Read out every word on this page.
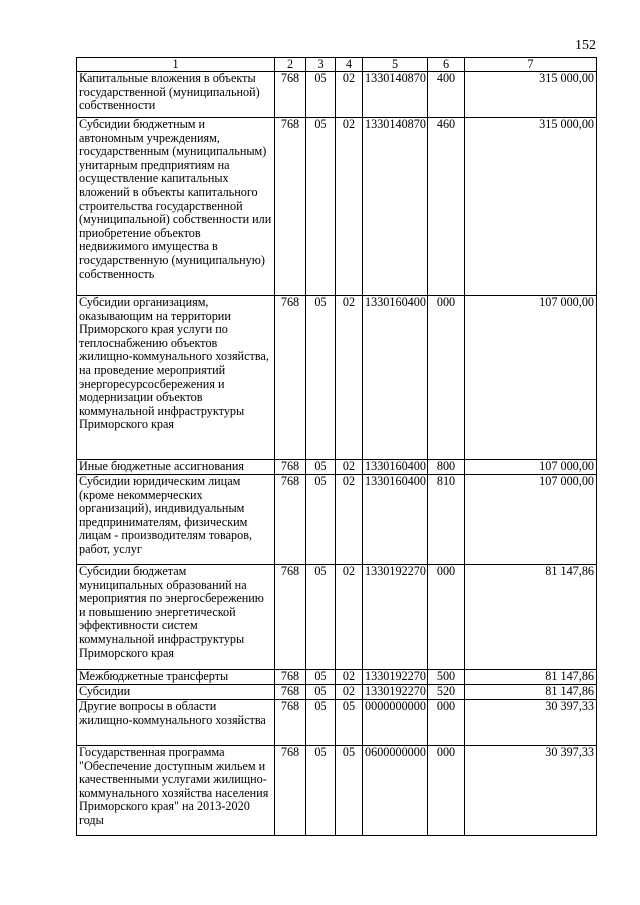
152
1	2	3	4	5	6	7
Капитальные вложения в объекты государственной (муниципальной) собственности	768	05	02	1330140870	400	315 000,00
Субсидии бюджетным и автономным учреждениям, государственным (муниципальным) унитарным предприятиям на осуществление капитальных вложений в объекты капитального строительства государственной (муниципальной) собственности или приобретение объектов недвижимого имущества в государственную (муниципальную) собственность	768	05	02	1330140870	460	315 000,00
Субсидии организациям, оказывающим на территории Приморского края услуги по теплоснабжению объектов жилищно-коммунального хозяйства, на проведение мероприятий энергоресурсосбережения и модернизации объектов коммунальной инфраструктуры Приморского края	768	05	02	1330160400	000	107 000,00
Иные бюджетные ассигнования	768	05	02	1330160400	800	107 000,00
Субсидии юридическим лицам (кроме некоммерческих организаций), индивидуальным предпринимателям, физическим лицам - производителям товаров, работ, услуг	768	05	02	1330160400	810	107 000,00
Субсидии бюджетам муниципальных образований на мероприятия по энергосбережению и повышению энергетической эффективности систем коммунальной инфраструктуры Приморского края	768	05	02	1330192270	000	81 147,86
Межбюджетные трансферты	768	05	02	1330192270	500	81 147,86
Субсидии	768	05	02	1330192270	520	81 147,86
Другие вопросы в области жилищно-коммунального хозяйства	768	05	05	0000000000	000	30 397,33
Государственная программа "Обеспечение доступным жильем и качественными услугами жилищно-коммунального хозяйства населения Приморского края" на 2013-2020 годы	768	05	05	0600000000	000	30 397,33
